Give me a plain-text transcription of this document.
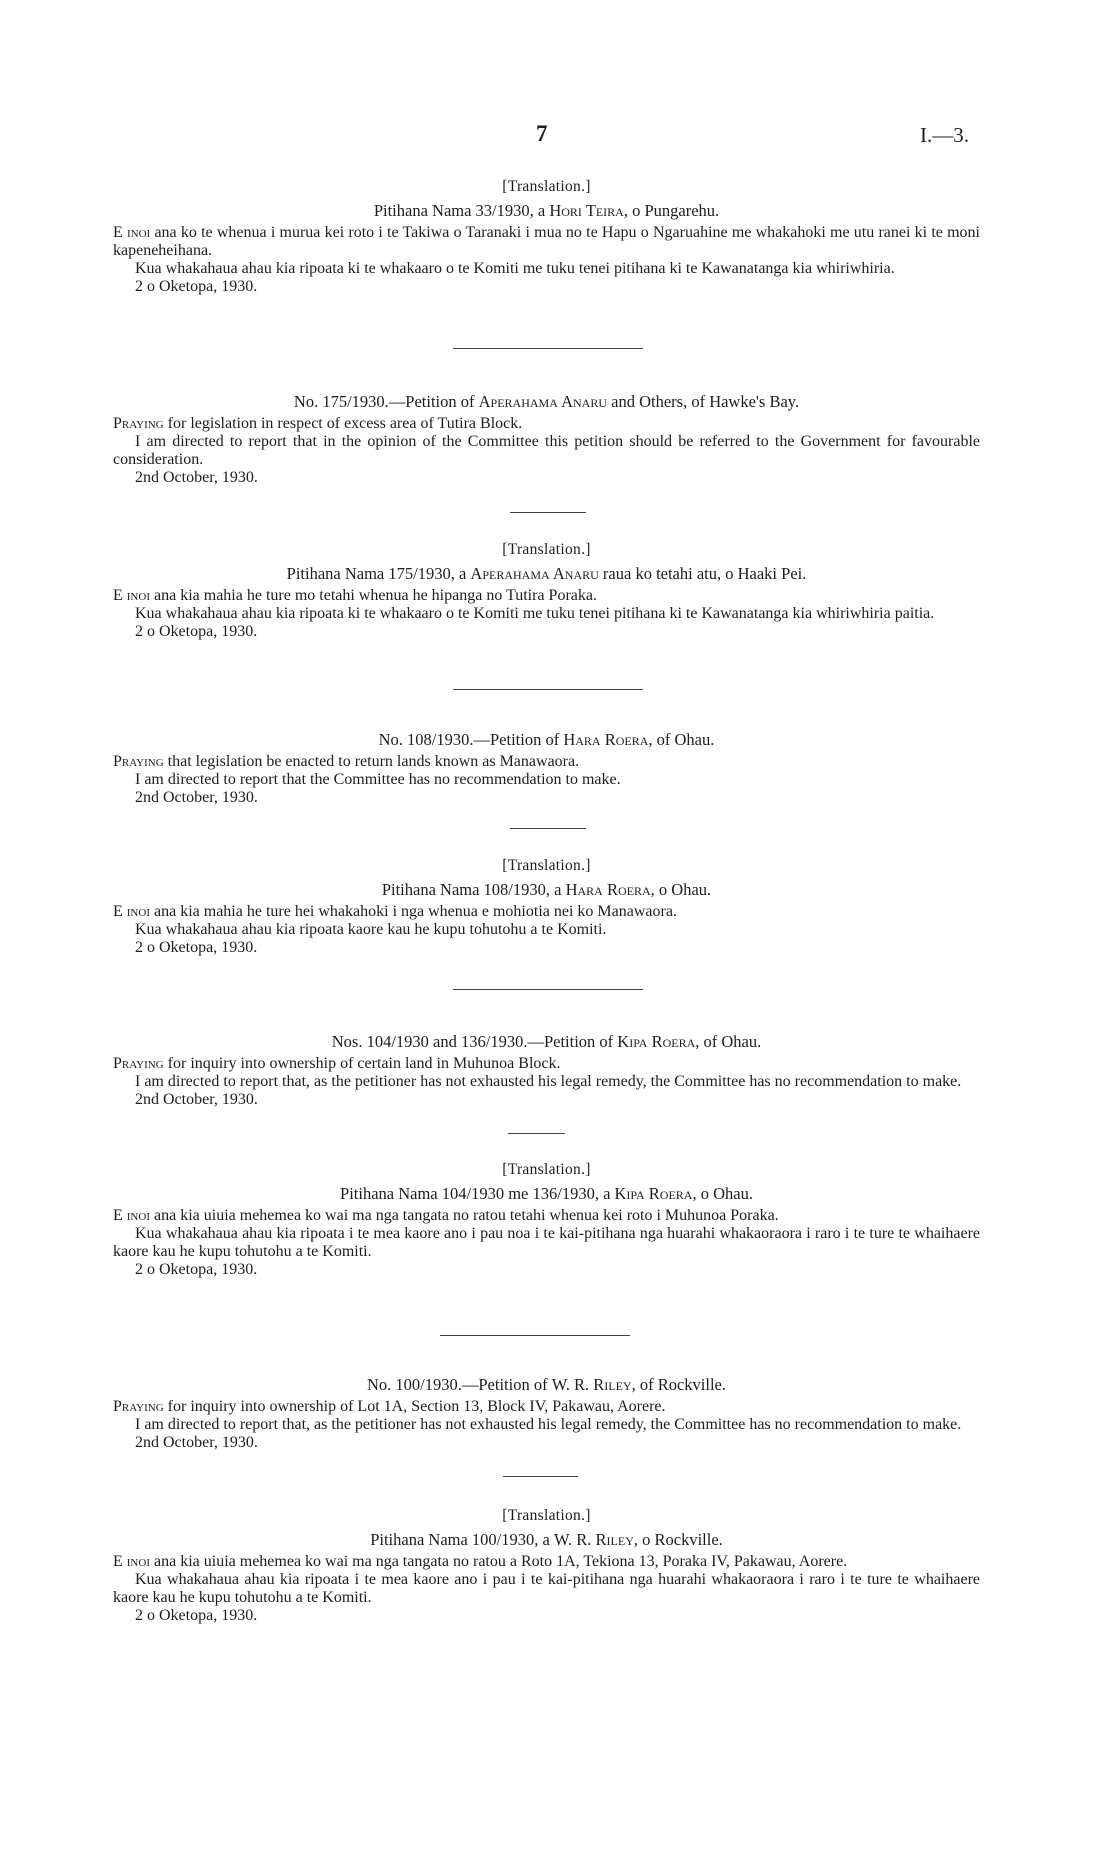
7	I.—3.
[Translation.]
Pitihana Nama 33/1930, a Hori Teira, o Pungarehu.

E inoi ana ko te whenua i murua kei roto i te Takiwa o Taranaki i mua no te Hapu o Ngaruahine me whakahoki me utu ranei ki te moni kapeneheihana.

Kua whakahaua ahau kia ripoata ki te whakaaro o te Komiti me tuku tenei pitihana ki te Kawanatanga kia whiriwhiria.

2 o Oketopa, 1930.

No. 175/1930.—Petition of Aperahama Anaru and Others, of Hawke's Bay.

Praying for legislation in respect of excess area of Tutira Block.

I am directed to report that in the opinion of the Committee this petition should be referred to the Government for favourable consideration.

2nd October, 1930.

[Translation.]
Pitihana Nama 175/1930, a Aperahama Anaru raua ko tetahi atu, o Haaki Pei.

E inoi ana kia mahia he ture mo tetahi whenua he hipanga no Tutira Poraka.

Kua whakahaua ahau kia ripoata ki te whakaaro o te Komiti me tuku tenei pitihana ki te Kawanatanga kia whiriwhiria paitia.

2 o Oketopa, 1930.

No. 108/1930.—Petition of Hara Roera, of Ohau.

Praying that legislation be enacted to return lands known as Manawaora.

I am directed to report that the Committee has no recommendation to make.

2nd October, 1930.

[Translation.]
Pitihana Nama 108/1930, a Hara Roera, o Ohau.

E inoi ana kia mahia he ture hei whakahoki i nga whenua e mohiotia nei ko Manawaora.

Kua whakahaua ahau kia ripoata kaore kau he kupu tohutohu a te Komiti.

2 o Oketopa, 1930.

Nos. 104/1930 and 136/1930.—Petition of Kipa Roera, of Ohau.

Praying for inquiry into ownership of certain land in Muhunoa Block.

I am directed to report that, as the petitioner has not exhausted his legal remedy, the Committee has no recommendation to make.

2nd October, 1930.

[Translation.]
Pitihana Nama 104/1930 me 136/1930, a Kipa Roera, o Ohau.

E inoi ana kia uiuia mehemea ko wai ma nga tangata no ratou tetahi whenua kei roto i Muhunoa Poraka.

Kua whakahaua ahau kia ripoata i te mea kaore ano i pau noa i te kai-pitihana nga huarahi whakaoraora i raro i te ture te whaihaere kaore kau he kupu tohutohu a te Komiti.

2 o Oketopa, 1930.

No. 100/1930.—Petition of W. R. Riley, of Rockville.

Praying for inquiry into ownership of Lot 1A, Section 13, Block IV, Pakawau, Aorere.

I am directed to report that, as the petitioner has not exhausted his legal remedy, the Committee has no recommendation to make.

2nd October, 1930.

[Translation.]
Pitihana Nama 100/1930, a W. R. Riley, o Rockville.

E inoi ana kia uiuia mehemea ko wai ma nga tangata no ratou a Roto 1A, Tekiona 13, Poraka IV, Pakawau, Aorere.

Kua whakahaua ahau kia ripoata i te mea kaore ano i pau i te kai-pitihana nga huarahi whakaoraora i raro i te ture te whaihaere kaore kau he kupu tohutohu a te Komiti.

2 o Oketopa, 1930.
